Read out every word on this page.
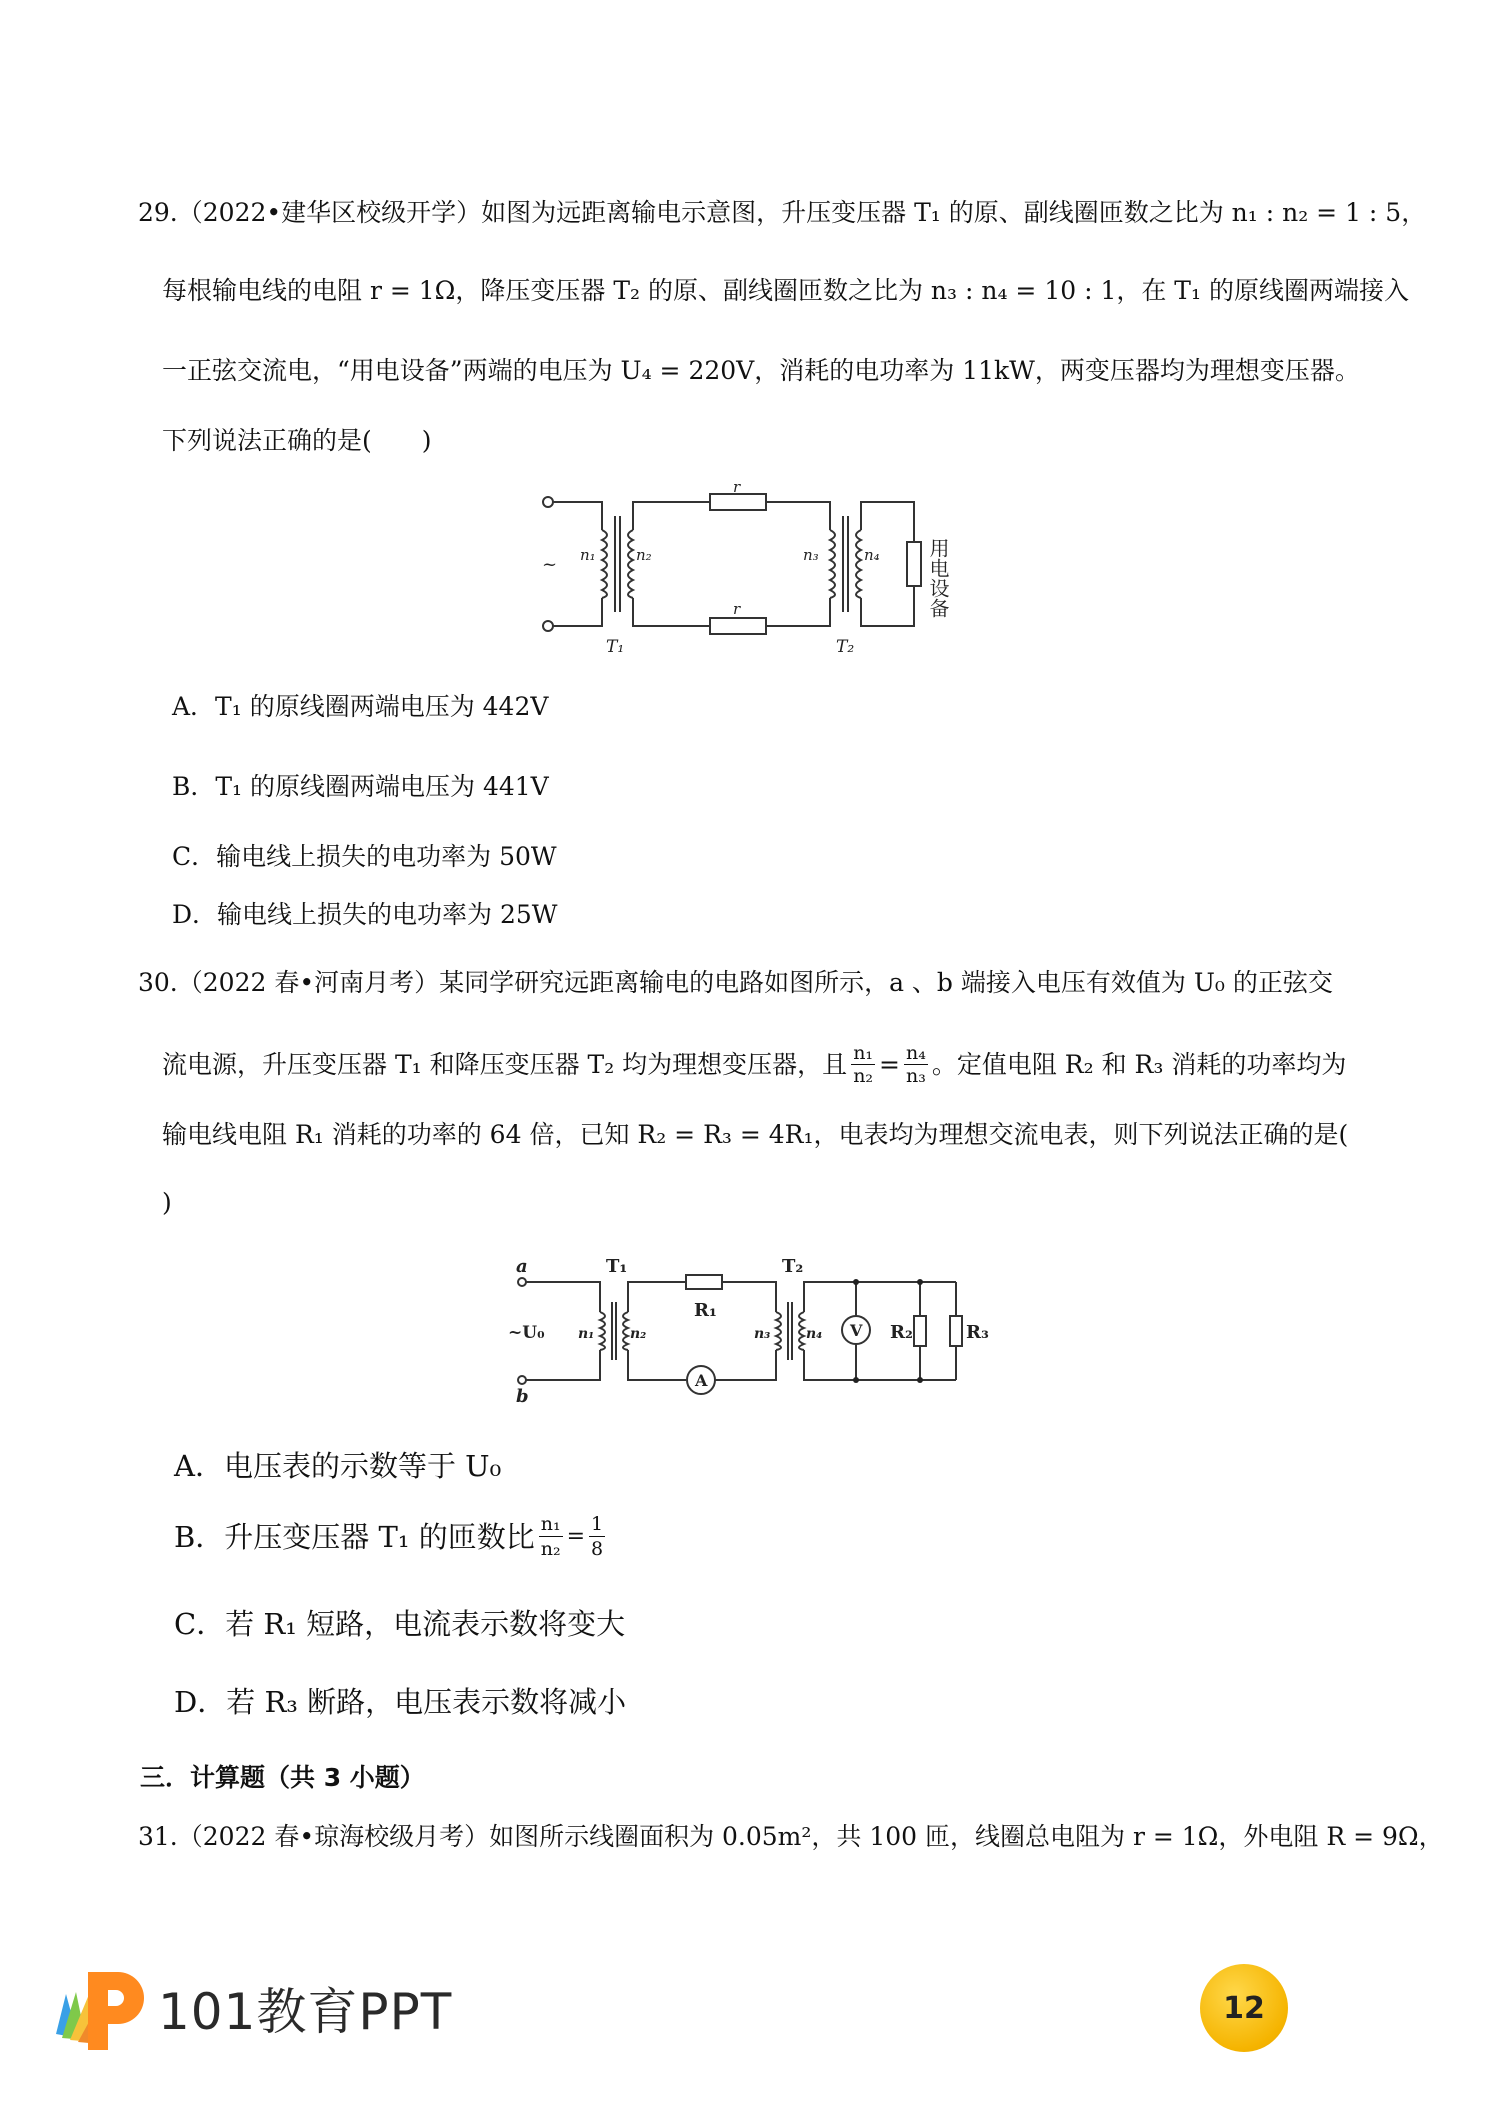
29.（2022•建华区校级开学）如图为远距离输电示意图，升压变压器 T₁ 的原、副线圈匝数之比为 n₁ : n₂ = 1 : 5，
每根输电线的电阻 r = 1Ω，降压变压器 T₂ 的原、副线圈匝数之比为 n₃ : n₄ = 10 : 1，在 T₁ 的原线圈两端接入
一正弦交流电，“用电设备”两端的电压为 U₄ = 220V，消耗的电功率为 11kW，两变压器均为理想变压器。
下列说法正确的是(　　)
~ n₁	n₂	n₃	n₄
r
r
T₁	T₂
用电设备
A．T₁ 的原线圈两端电压为 442V
B．T₁ 的原线圈两端电压为 441V
C．输电线上损失的电功率为 50W
D．输电线上损失的电功率为 25W
30.（2022 春•河南月考）某同学研究远距离输电的电路如图所示，a 、b 端接入电压有效值为 U₀ 的正弦交
流电源，升压变压器 T₁ 和降压变压器 T₂ 均为理想变压器，且 $\frac{\text{n₁}}{\text{n₂}} = \frac{\text{n₄}}{\text{n₃}}$ 。定值电阻 R₂ 和 R₃ 消耗的功率均为
输电线电阻 R₁ 消耗的功率的 64 倍，已知 R₂ = R₃ = 4R₁，电表均为理想交流电表，则下列说法正确的是(
)
a
b
~U₀
T₁	T₂
R₁
n₁	n₂	n₃	n₄
A
V R₂	R₃
A．电压表的示数等于 U₀
B．升压变压器 T₁ 的匝数比 $\frac{\text{n₁}}{\text{n₂}} = \frac{1}{8}$
C．若 R₁ 短路，电流表示数将变大
D．若 R₃ 断路，电压表示数将减小
三．计算题（共 3 小题）
31.（2022 春•琼海校级月考）如图所示线圈面积为 0.05m²，共 100 匝，线圈总电阻为 r = 1Ω，外电阻 R = 9Ω，
101教育PPT	12
